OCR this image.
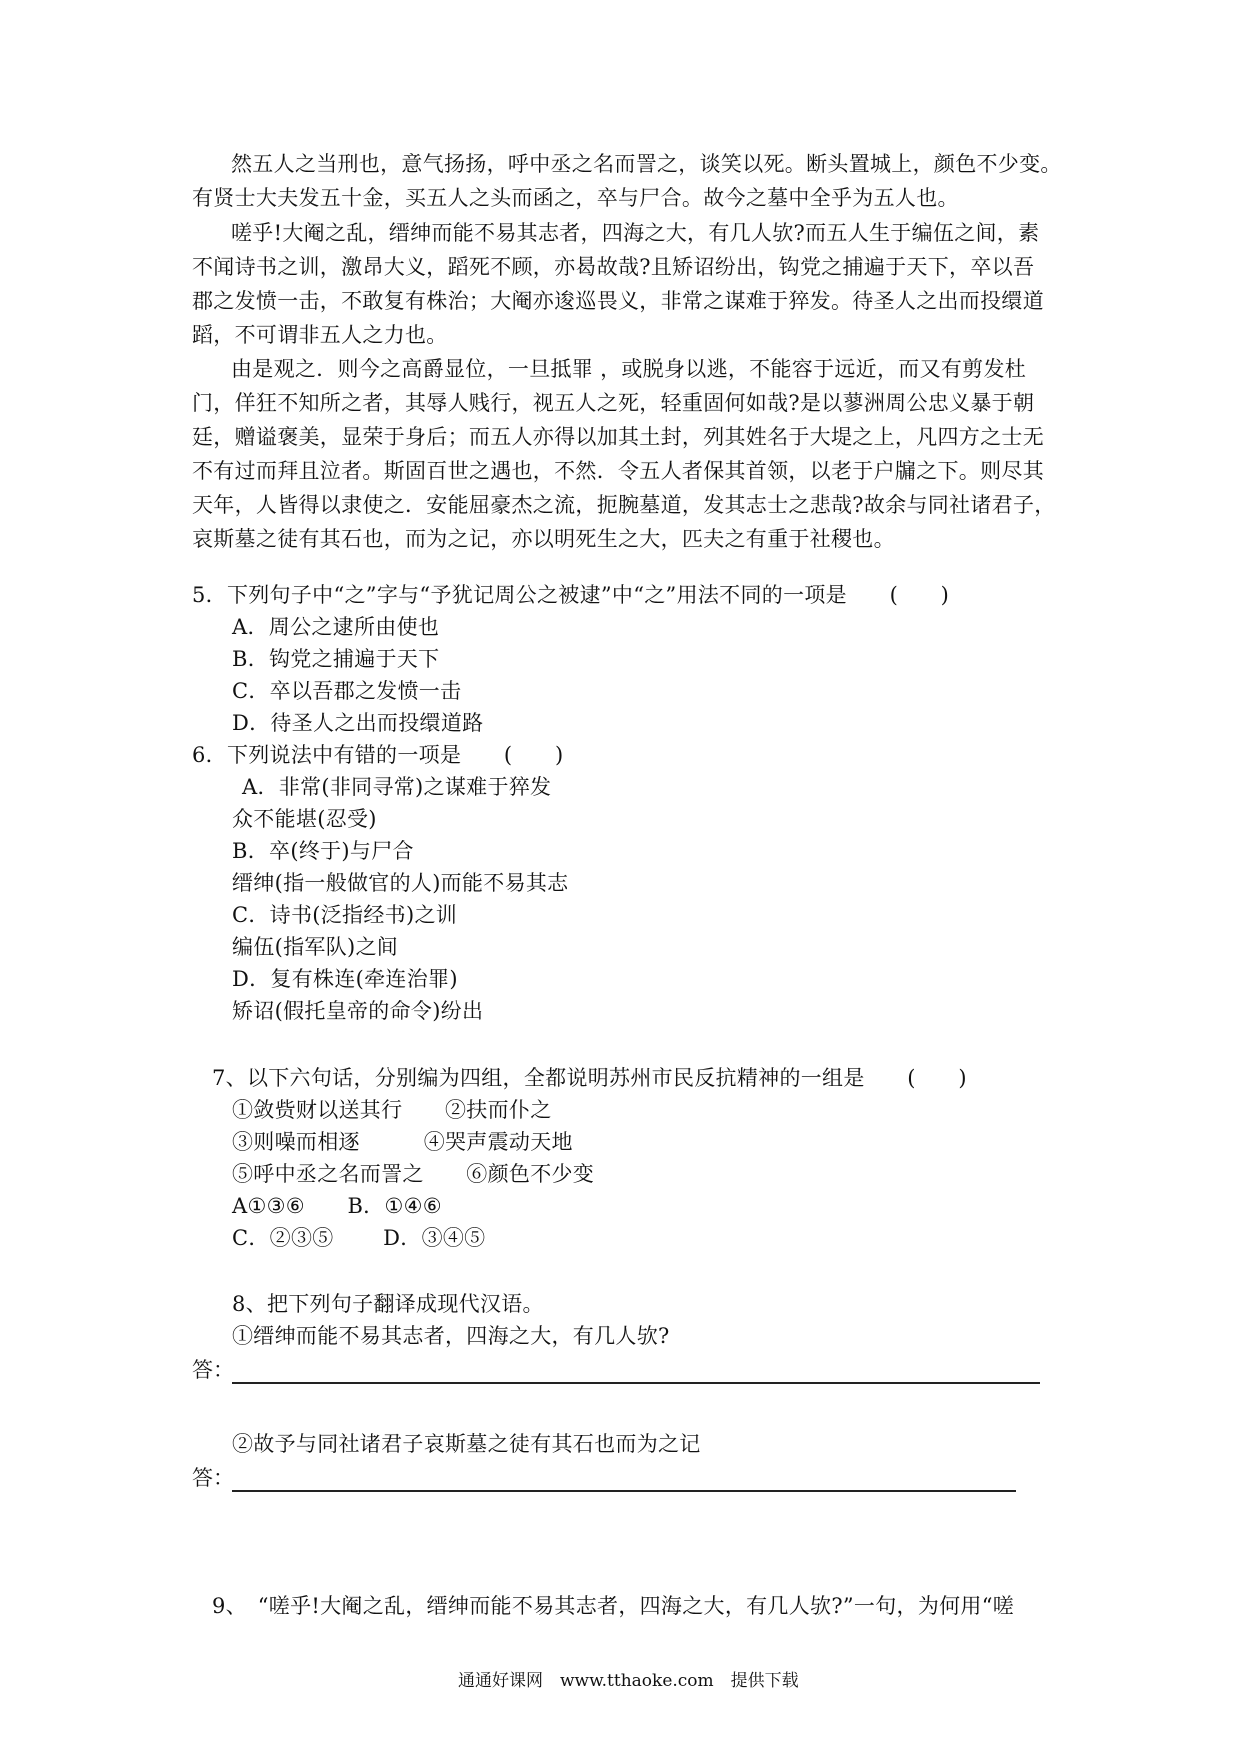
然五人之当刑也，意气扬扬，呼中丞之名而詈之，谈笑以死。断头置城上，颜色不少变。
有贤士大夫发五十金，买五人之头而函之，卒与尸合。故今之墓中全乎为五人也。
嗟乎!大阉之乱，缙绅而能不易其志者，四海之大，有几人欤?而五人生于编伍之间，素
不闻诗书之训，激昂大义，蹈死不顾，亦曷故哉?且矫诏纷出，钩党之捕遍于天下，卒以吾
郡之发愤一击，不敢复有株治；大阉亦逡巡畏义，非常之谋难于猝发。待圣人之出而投缳道
蹈，不可谓非五人之力也。
由是观之．则今之高爵显位，一旦抵罪 ，或脱身以逃，不能容于远近，而又有剪发杜
门，佯狂不知所之者，其辱人贱行，视五人之死，轻重固何如哉?是以蓼洲周公忠义暴于朝
廷，赠谥褒美，显荣于身后；而五人亦得以加其土封，列其姓名于大堤之上，凡四方之士无
不有过而拜且泣者。斯固百世之遇也，不然．令五人者保其首领，以老于户牖之下。则尽其
天年，人皆得以隶使之．安能屈豪杰之流，扼腕墓道，发其志士之悲哉?故余与同社诸君子，
哀斯墓之徒有其石也，而为之记，亦以明死生之大，匹夫之有重于社稷也。
5．下列句子中“之”字与“予犹记周公之被逮”中“之”用法不同的一项是　　(　　)
A．周公之逮所由使也
B．钩党之捕遍于天下
C．卒以吾郡之发愤一击
D．待圣人之出而投缳道路
6．下列说法中有错的一项是　　(　　)
A．非常(非同寻常)之谋难于猝发
众不能堪(忍受)
B．卒(终于)与尸合
缙绅(指一般做官的人)而能不易其志
C．诗书(泛指经书)之训
编伍(指军队)之间
D．复有株连(牵连治罪)
矫诏(假托皇帝的命令)纷出
7、以下六句话，分别编为四组，全都说明苏州市民反抗精神的一组是　　(　　)
①敛赀财以送其行　　②扶而仆之
③则噪而相逐　　　④哭声震动天地
⑤呼中丞之名而詈之　　⑥颜色不少变
A①③⑥　　B．①④⑥
C．②③⑤　　 D．③④⑤
8、把下列句子翻译成现代汉语。
①缙绅而能不易其志者，四海之大，有几人欤?
答：
②故予与同社诸君子哀斯墓之徒有其石也而为之记
答：
9、　“嗟乎!大阉之乱，缙绅而能不易其志者，四海之大，有几人欤?”一句，为何用“嗟
通通好课网　www.tthaoke.com　提供下载
